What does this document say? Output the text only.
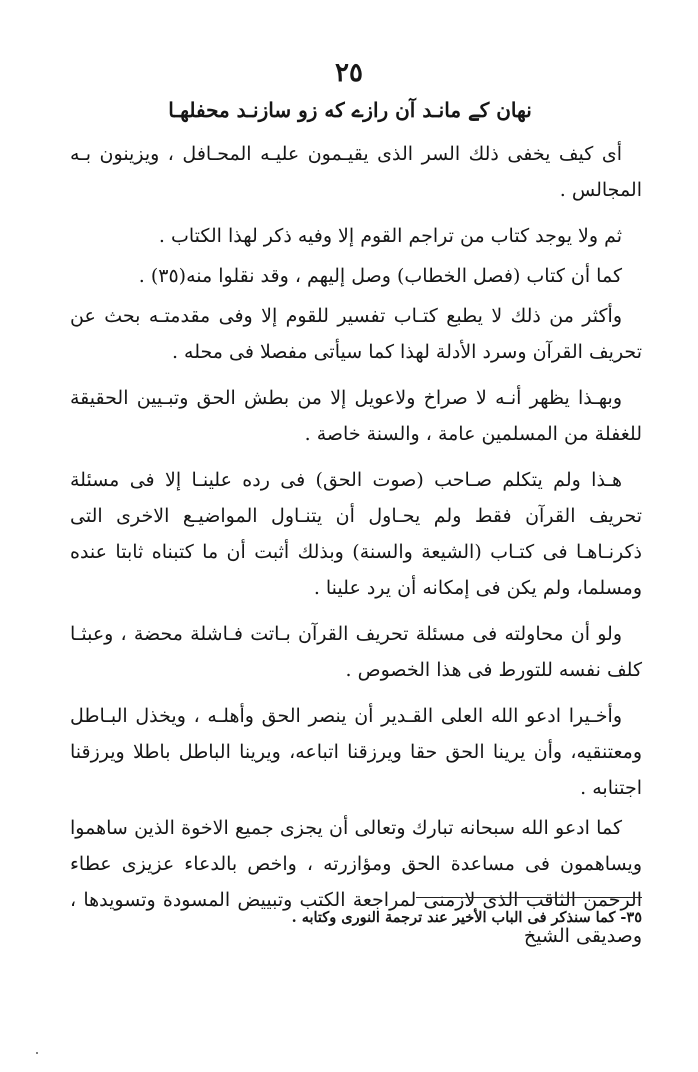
٢٥
نهان کے مانـد آن رازے که زو سازنـد محفلهـا

أى كيف يخفى ذلك السر الذى يقيـمون عليـه المحـافل ، ويزينون بـه المجالس .

ثم ولا يوجد كتاب من تراجم القوم إلا وفيه ذكر لهذا الكتاب .

كما أن كتاب (فصل الخطاب) وصل إليهم ، وقد نقلوا منه(٣٥) .

وأكثر من ذلك لا يطبع كتـاب تفسير للقوم إلا وفى مقدمتـه بحث عن تحريف القرآن وسرد الأدلة لهذا كما سيأتى مفصلا فى محله .

وبهـذا يظهر أنـه لا صراخ ولاعويل إلا من بطش الحق وتبـيين الحقيقة للغفلة من المسلمين عامة ، والسنة خاصة .

هـذا ولم يتكلم صـاحب (صوت الحق) فى رده علينـا إلا فى مسئلة تحريف القرآن فقط ولم يحـاول أن يتنـاول المواضيـع الاخرى التى ذكرنـاهـا فى كتـاب (الشيعة والسنة) وبذلك أثبت أن ما كتبناه ثابتا عنده ومسلما، ولم يكن فى إمكانه أن يرد علينا .

ولو أن محاولته فى مسئلة تحريف القرآن بـاتت فـاشلة محضة ، وعبثـا كلف نفسه للتورط فى هذا الخصوص .

وأخـيرا ادعو الله العلى القـدير أن ينصر الحق وأهلـه ، ويخذل البـاطل ومعتنقيه، وأن يرينا الحق حقا ويرزقنا اتباعه، ويرينا الباطل باطلا ويرزقنا اجتنابه .

كما ادعو الله سبحانه تبارك وتعالى أن يجزى جميع الاخوة الذين ساهموا ويساهمون فى مساعدة الحق ومؤازرته ، واخص بالدعاء عزيزى عطاء الرحمن الثاقب الذى لازمنى لمراجعة الكتب وتبييض المسودة وتسويدها ، وصديقى الشيخ

٣٥- كما سنذكر فى الباب الأخير عند ترجمة النورى وكتابه .
